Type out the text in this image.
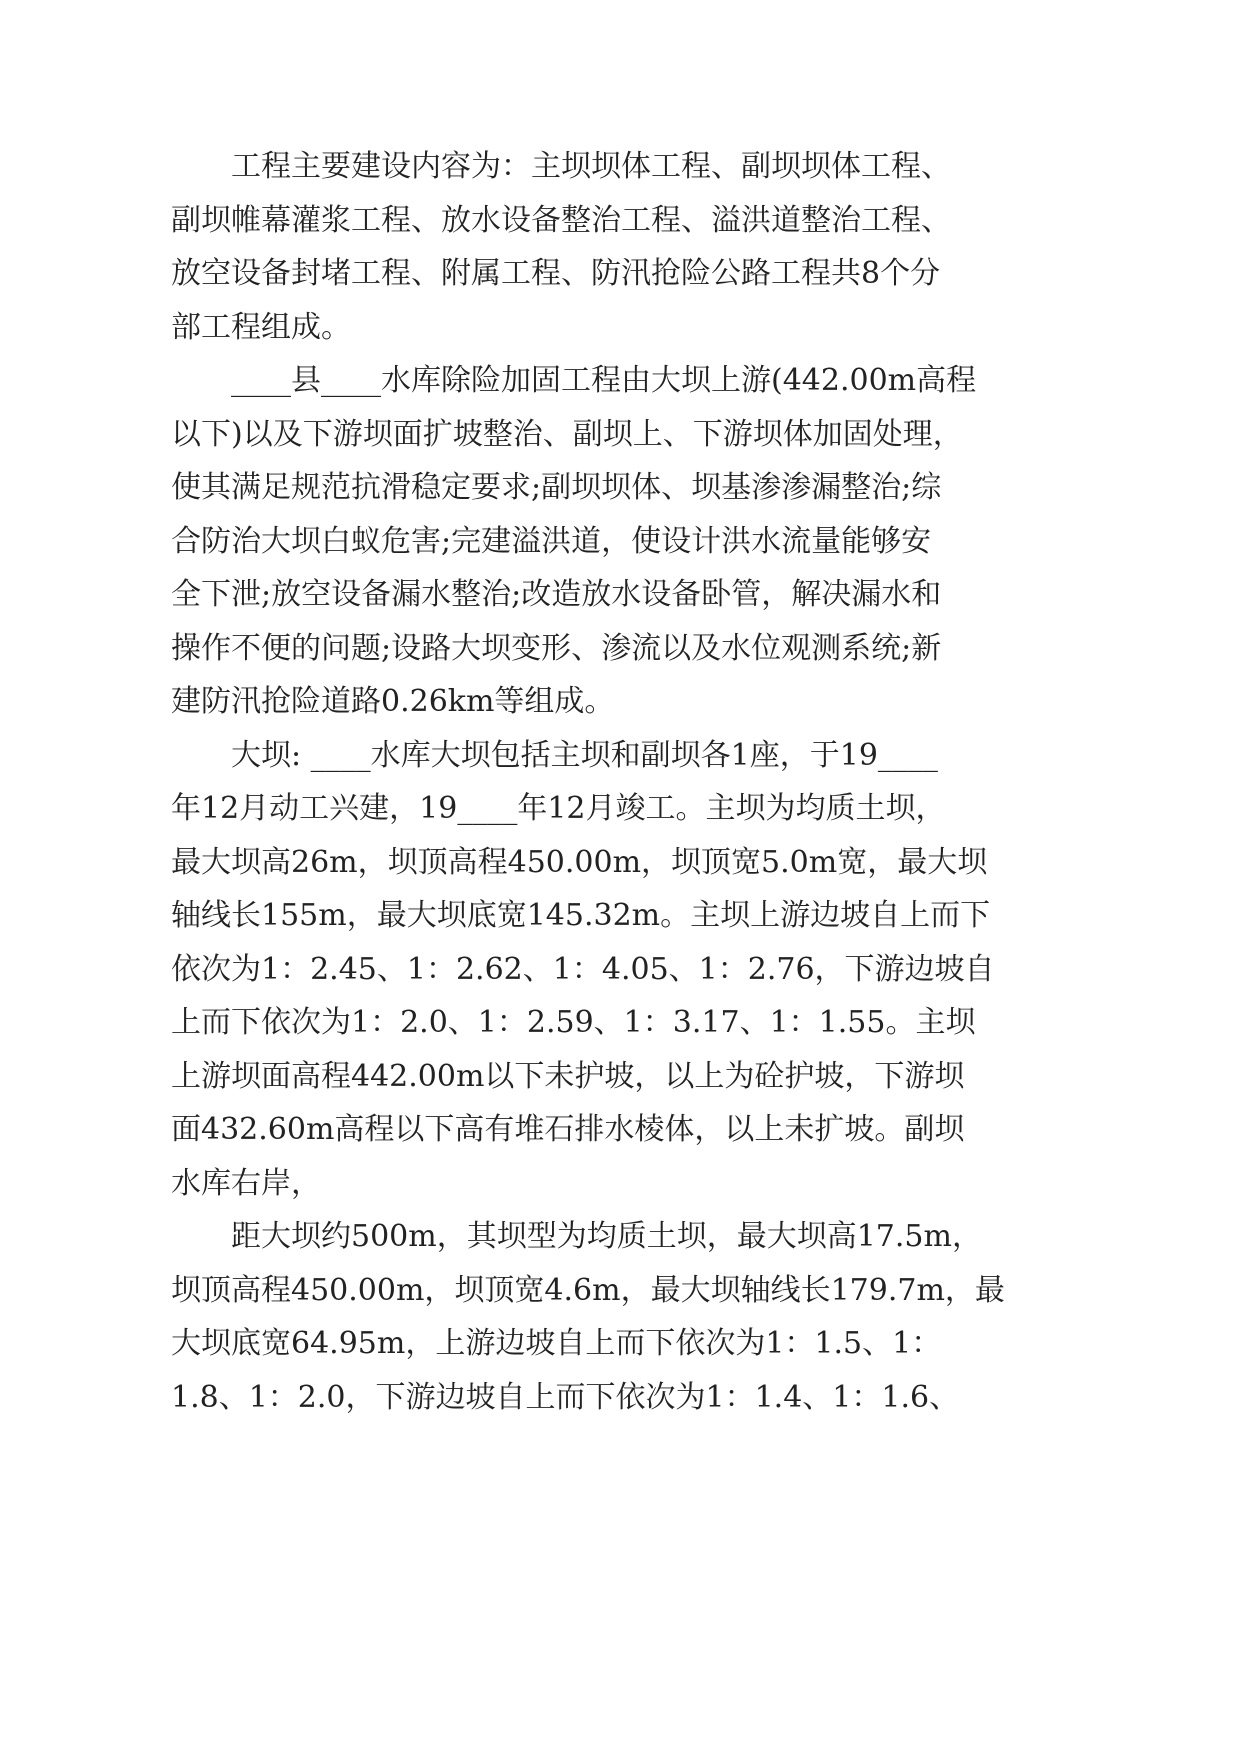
工程主要建设内容为：主坝坝体工程、副坝坝体工程、
副坝帷幕灌浆工程、放水设备整治工程、溢洪道整治工程、
放空设备封堵工程、附属工程、防汛抢险公路工程共8个分
部工程组成。
____县____水库除险加固工程由大坝上游(442.00m高程
以下)以及下游坝面扩坡整治、副坝上、下游坝体加固处理，
使其满足规范抗滑稳定要求;副坝坝体、坝基渗渗漏整治;综
合防治大坝白蚁危害;完建溢洪道，使设计洪水流量能够安
全下泄;放空设备漏水整治;改造放水设备卧管，解决漏水和
操作不便的问题;设路大坝变形、渗流以及水位观测系统;新
建防汛抢险道路0.26km等组成。
大坝: ____水库大坝包括主坝和副坝各1座，于19____
年12月动工兴建，19____年12月竣工。主坝为均质土坝，
最大坝高26m，坝顶高程450.00m，坝顶宽5.0m宽，最大坝
轴线长155m，最大坝底宽145.32m。主坝上游边坡自上而下
依次为1：2.45、1：2.62、1：4.05、1：2.76，下游边坡自
上而下依次为1：2.0、1：2.59、1：3.17、1：1.55。主坝
上游坝面高程442.00m以下未护坡，以上为砼护坡，下游坝
面432.60m高程以下高有堆石排水棱体，以上未扩坡。副坝
水库右岸，
距大坝约500m，其坝型为均质土坝，最大坝高17.5m，
坝顶高程450.00m，坝顶宽4.6m，最大坝轴线长179.7m，最
大坝底宽64.95m，上游边坡自上而下依次为1：1.5、1：
1.8、1：2.0，下游边坡自上而下依次为1：1.4、1：1.6、
